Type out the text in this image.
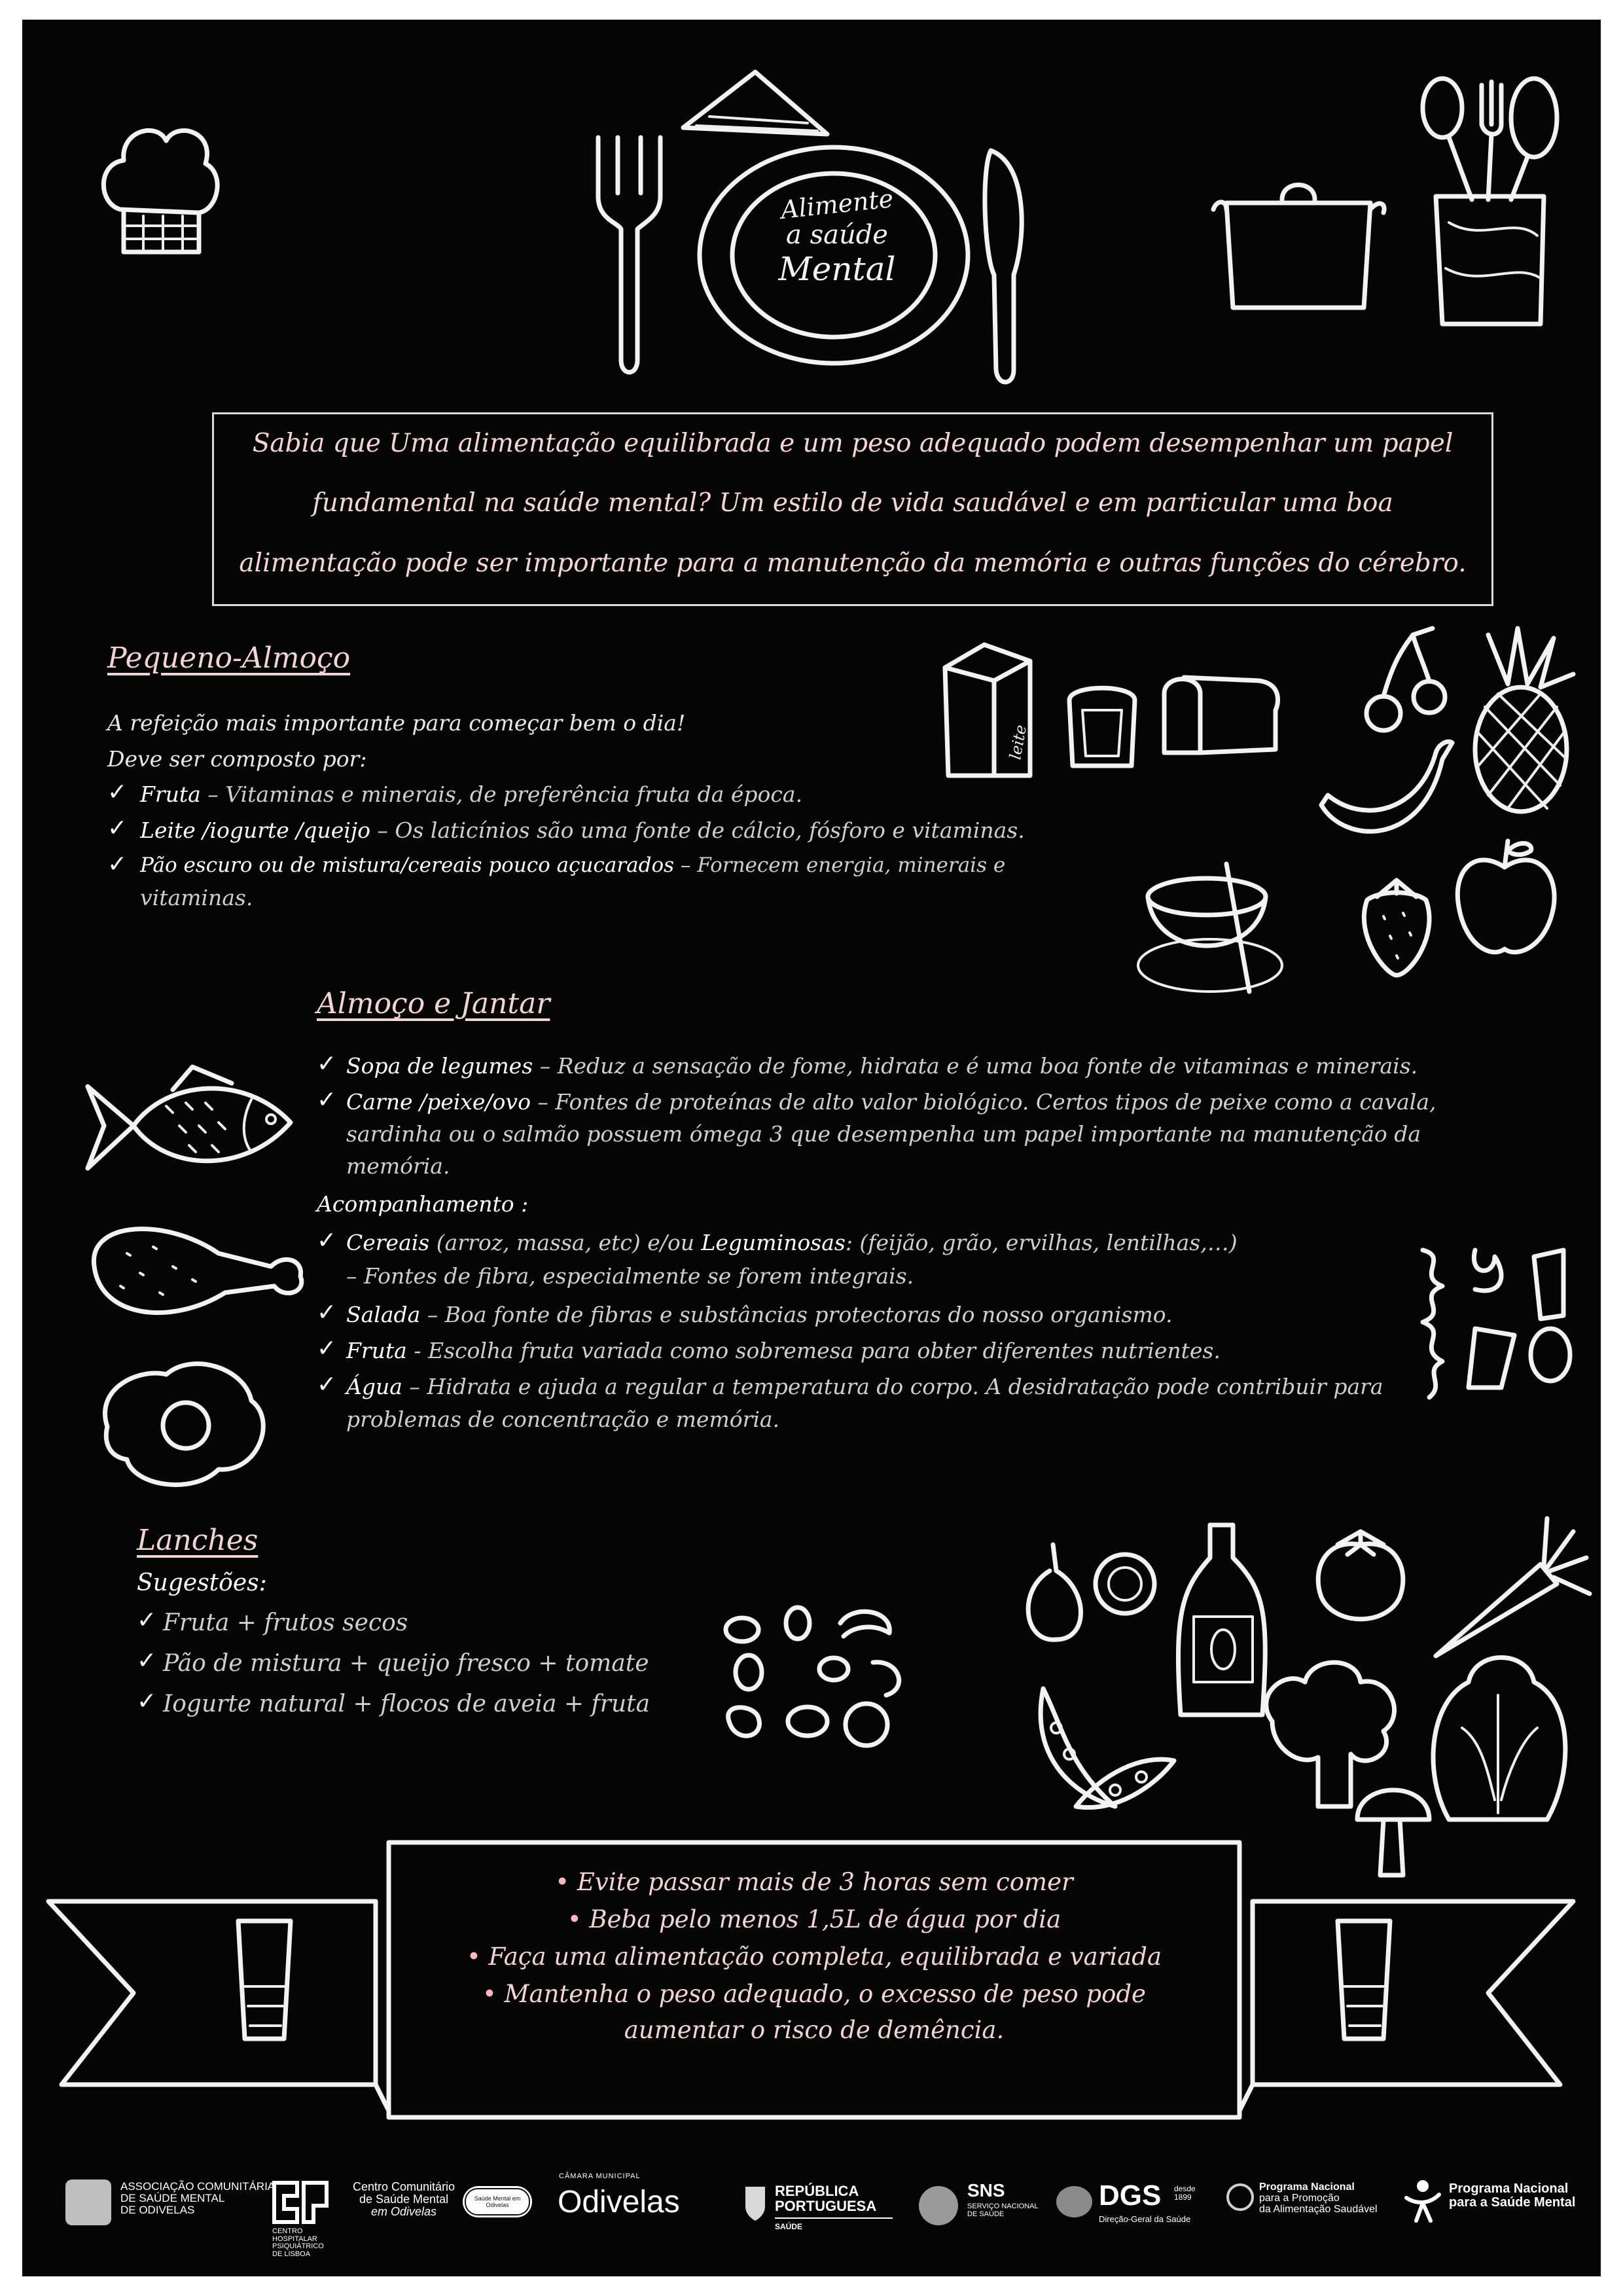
Alimente
a saúde
Mental
Sabia que Uma alimentação equilibrada e um peso adequado podem desempenhar um papel
fundamental na saúde mental? Um estilo de vida saudável e em particular uma boa
alimentação pode ser importante para a manutenção da memória e outras funções do cérebro.
Pequeno-Almoço
A refeição mais importante para começar bem o dia!
Deve ser composto por:
✓ Fruta – Vitaminas e minerais, de preferência fruta da época.
✓ Leite /iogurte /queijo – Os laticínios são uma fonte de cálcio, fósforo e vitaminas.
✓ Pão escuro ou de mistura/cereais pouco açucarados – Fornecem energia, minerais e
vitaminas.
leite
Almoço e Jantar
✓ Sopa de legumes – Reduz a sensação de fome, hidrata e é uma boa fonte de vitaminas e minerais.
✓ Carne /peixe/ovo – Fontes de proteínas de alto valor biológico. Certos tipos de peixe como a cavala,
sardinha ou o salmão possuem ómega 3 que desempenha um papel importante na manutenção da
memória.
Acompanhamento :
✓ Cereais (arroz, massa, etc) e/ou Leguminosas: (feijão, grão, ervilhas, lentilhas,…)
– Fontes de fibra, especialmente se forem integrais.
✓ Salada – Boa fonte de fibras e substâncias protectoras do nosso organismo.
✓ Fruta - Escolha fruta variada como sobremesa para obter diferentes nutrientes.
✓ Água – Hidrata e ajuda a regular a temperatura do corpo. A desidratação pode contribuir para
problemas de concentração e memória.
Lanches
Sugestões:
✓ Fruta + frutos secos
✓ Pão de mistura + queijo fresco + tomate
✓ Iogurte natural + flocos de aveia + fruta
• Evite passar mais de 3 horas sem comer
• Beba pelo menos 1,5L de água por dia
• Faça uma alimentação completa, equilibrada e variada
• Mantenha o peso adequado, o excesso de peso pode
aumentar o risco de demência.
ASSOCIAÇÃO COMUNITÁRIA
DE SAÚDE MENTAL
DE ODIVELAS
CENTRO
HOSPITALAR
PSIQUIÁTRICO
DE LISBOA
Centro Comunitário
de Saúde Mental
em Odivelas
Saúde Mental em Odivelas
CÂMARA MUNICIPAL
Odivelas	REPÚBLICA
PORTUGUESA
SAÚDE
SNS
SERVIÇO NACIONAL
DE SAÚDE
DGS desde
1899
Direção-Geral da Saúde
Programa Nacional
para a Promoção
da Alimentação Saudável
Programa Nacional
para a Saúde Mental
